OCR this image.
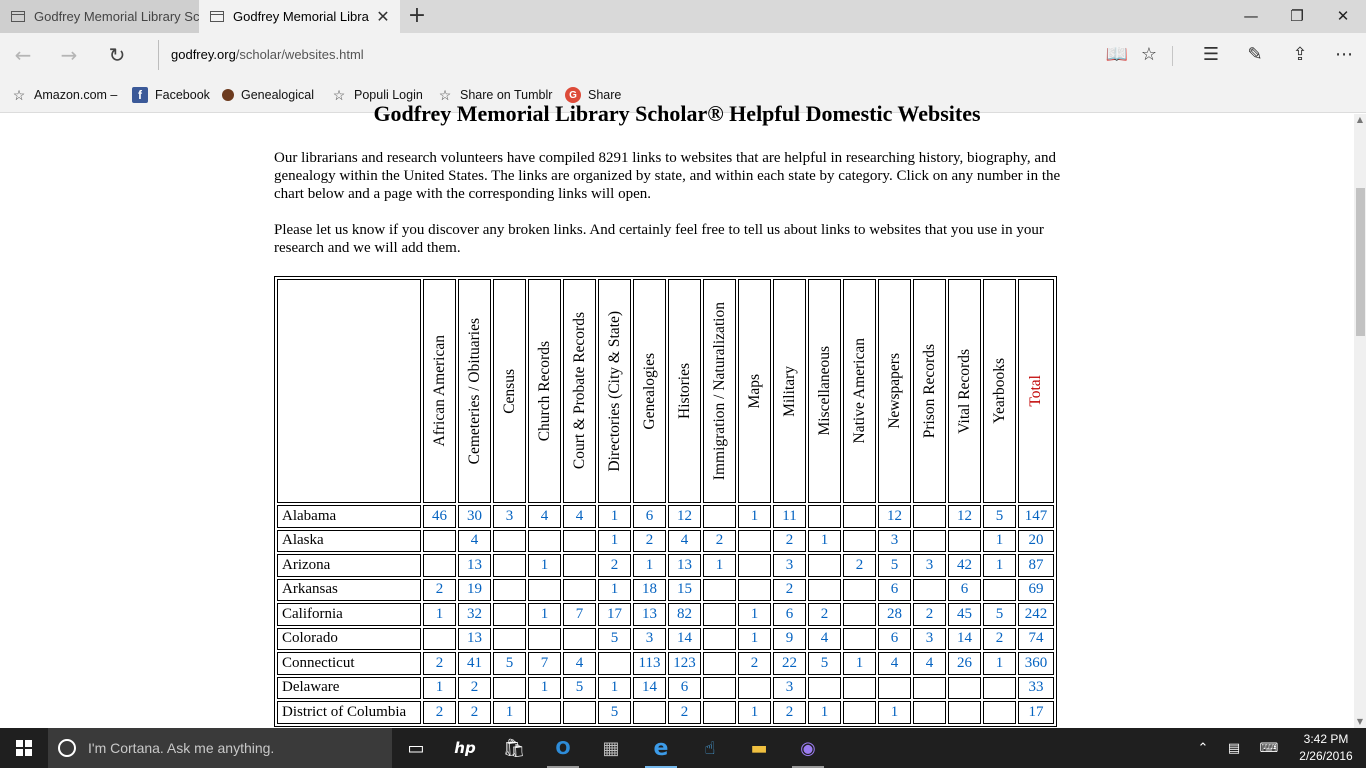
Godfrey Memorial Library Sc	Godfrey Memorial Libra ✕ +	—	❐	✕
←	→	↻	godfrey.org/scholar/websites.html	📖 ☆	☰	✎	⇪	⋯
☆ Amazon.com –	f	Facebook Genealogical ☆ Populi Login ☆ Share on Tumblr	G Share
Godfrey Memorial Library Scholar® Helpful Domestic Websites

Our librarians and research volunteers have compiled 8291 links to websites that are helpful in researching history, biography, and genealogy within the United States. The links are organized by state, and within each state by category. Click on any number in the chart below and a page with the corresponding links will open.

Please let us know if you discover any broken links. And certainly feel free to tell us about links to websites that you use in your research and we will add them.

	African American	Cemeteries / Obituaries	Census	Church Records	Court & Probate Records	Directories (City & State)	Genealogies	Histories	Immigration / Naturalization	Maps	Military	Miscellaneous	Native American	Newspapers	Prison Records	Vital Records	Yearbooks	Total

Alabama	46	30	3	4	4	1	6	12		1	11			12		12	5	147
Alaska		4				1	2	4	2		2	1		3			1	20
Arizona		13		1		2	1	13	1		3		2	5	3	42	1	87
Arkansas	2	19				1	18	15			2			6		6		69
California	1	32		1	7	17	13	82		1	6	2		28	2	45	5	242
Colorado		13				5	3	14		1	9	4		6	3	14	2	74
Connecticut	2	41	5	7	4		113	123		2	22	5	1	4	4	26	1	360
Delaware	1	2		1	5	1	14	6			3							33
District of Columbia	2	2	1			5		2		1	2	1		1				17
▲
▼
I'm Cortana. Ask me anything.	▭	hp	🛍	O	▦	e	☝	▬	◉	⌃	▤	⌨
3:42 PM
2/26/2016
